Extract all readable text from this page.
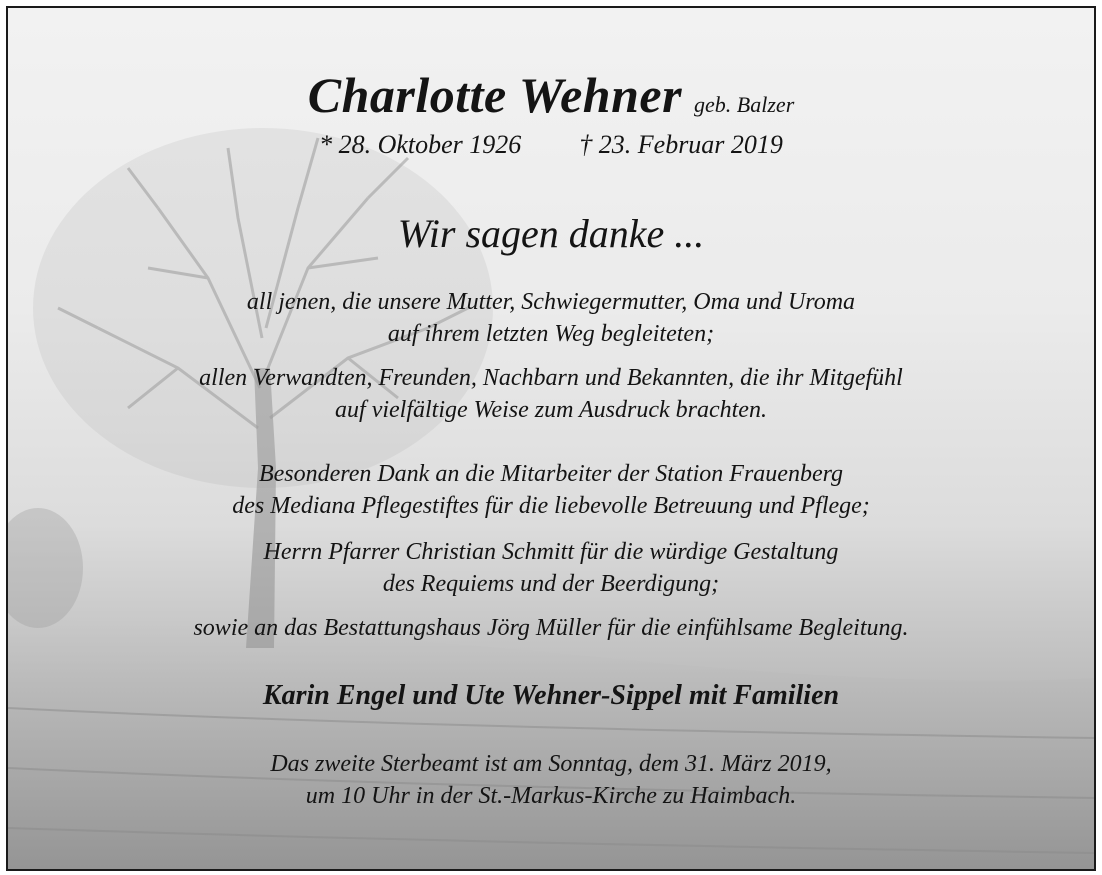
Charlotte Wehner geb. Balzer
* 28. Oktober 1926 † 23. Februar 2019
Wir sagen danke ...
all jenen, die unsere Mutter, Schwiegermutter, Oma und Uroma
auf ihrem letzten Weg begleiteten;
allen Verwandten, Freunden, Nachbarn und Bekannten, die ihr Mitgefühl
auf vielfältige Weise zum Ausdruck brachten.
Besonderen Dank an die Mitarbeiter der Station Frauenberg
des Mediana Pflegestiftes für die liebevolle Betreuung und Pflege;
Herrn Pfarrer Christian Schmitt für die würdige Gestaltung
des Requiems und der Beerdigung;
sowie an das Bestattungshaus Jörg Müller für die einfühlsame Begleitung.
Karin Engel und Ute Wehner-Sippel mit Familien
Das zweite Sterbeamt ist am Sonntag, dem 31. März 2019,
um 10 Uhr in der St.-Markus-Kirche zu Haimbach.
